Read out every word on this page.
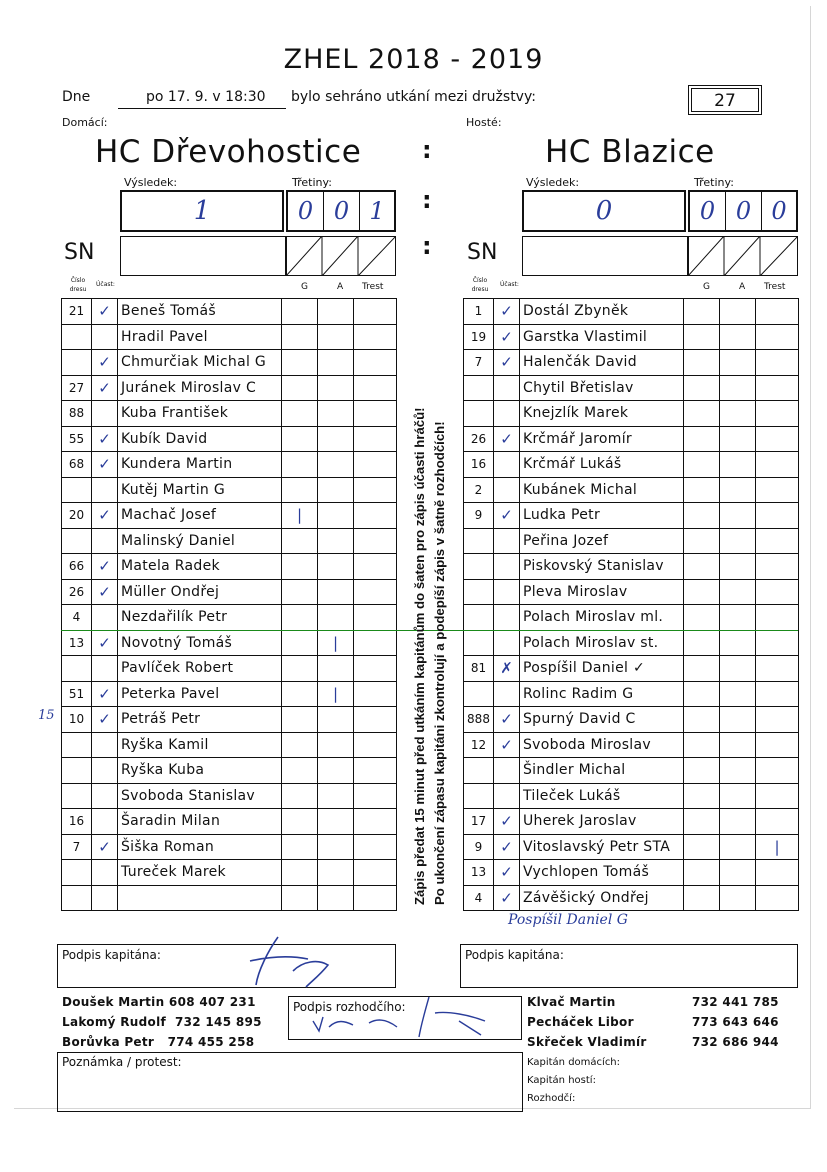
ZHEL 2018 - 2019
Dne	po 17. 9. v 18:30 bylo sehráno utkání mezi družstvy:	27
Domácí:	Hosté:
HC Dřevohostice	HC Blazice
:
:
:
Výsledek:	Třetiny:
1	0 0 1
Výsledek:	Třetiny:
0	0 0 0
SN	SN
Číslo dresu
Účast:	G	A Trest
Číslo dresu
Účast:	G	A Trest
21	✓	Beneš Tomáš			
		Hradil Pavel			
	✓	Chmurčiak Michal G			
27	✓	Juránek Miroslav C			
88		Kuba František			
55	✓	Kubík David			
68	✓	Kundera Martin			
		Kutěj Martin G			
20	✓	Machač Josef	|		
		Malinský Daniel			
66	✓	Matela Radek			
26	✓	Müller Ondřej			
4		Nezdařilík Petr			
13	✓	Novotný Tomáš		|	
		Pavlíček Robert			
51	✓	Peterka Pavel		|	
10	✓	Petráš Petr			
		Ryška Kamil			
		Ryška Kuba			
		Svoboda Stanislav			
16		Šaradin Milan			
7	✓	Šiška Roman			
		Tureček Marek			

15
1	✓	Dostál Zbyněk			
19	✓	Garstka Vlastimil			
7	✓	Halenčák David			
		Chytil Břetislav			
		Knejzlík Marek			
26	✓	Krčmář Jaromír			
16		Krčmář Lukáš			
2		Kubánek Michal			
9	✓	Ludka Petr			
		Peřina Jozef			
		Piskovský Stanislav			
		Pleva Miroslav			
		Polach Miroslav ml.			
		Polach Miroslav st.			
81	✗	Pospíšil Daniel ✓			
		Rolinc Radim G			
888	✓	Spurný David C			
12	✓	Svoboda Miroslav			
		Šindler Michal			
		Tileček Lukáš			
17	✓	Uherek Jaroslav			
9	✓	Vitoslavský Petr STA			|
13	✓	Vychlopen Tomáš			
4	✓	Závěšický Ondřej			
Pospíšil Daniel G
Zápis předat 15 minut před utkáním kapitánům do šaten pro zápis účasti hráčů! Po ukončení zápasu kapitáni zkontrolují a podepíší zápis v šatně rozhodčích!
Podpis kapitána:	Podpis kapitána:
Doušek Martin 608 407 231
Lakomý Rudolf 732 145 895
Borůvka Petr 774 455 258
Podpis rozhodčího:	Klvač Martin	732 441 785
Pecháček Libor	773 643 646
Skřeček Vladimír	732 686 944
Poznámka / protest:	Kapitán domácích:
Kapitán hostí:
Rozhodčí:
